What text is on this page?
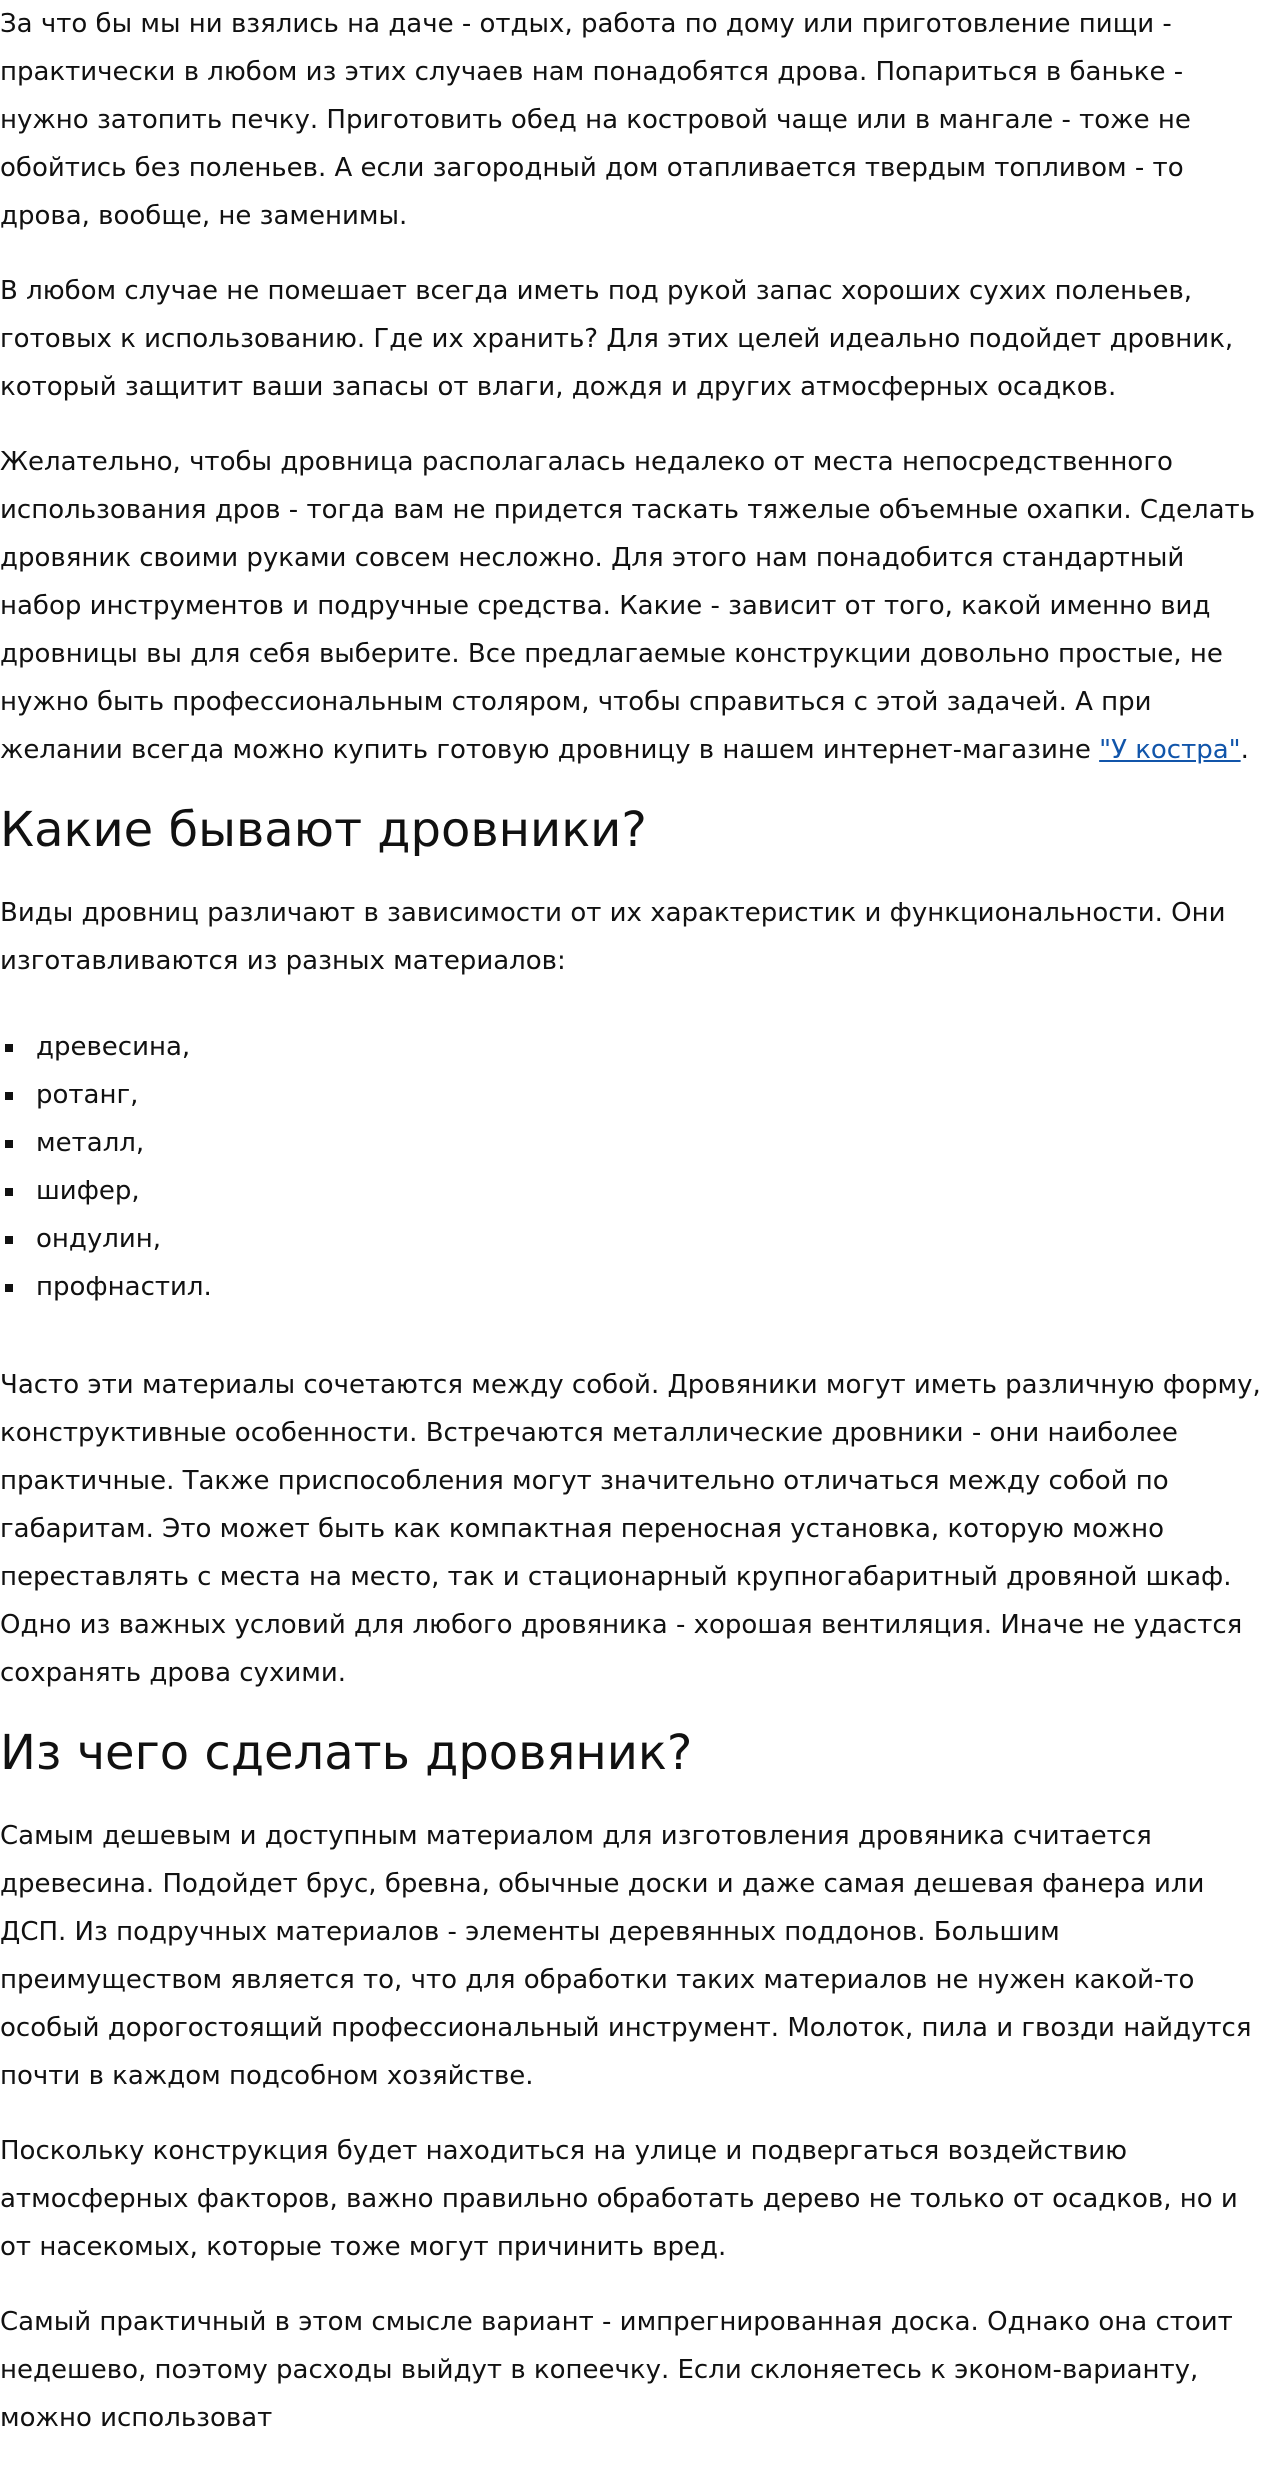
За что бы мы ни взялись на даче - отдых, работа по дому или приготовление пищи - практически в любом из этих случаев нам понадобятся дрова. Попариться в баньке - нужно затопить печку. Приготовить обед на костровой чаще или в мангале - тоже не обойтись без поленьев. А если загородный дом отапливается твердым топливом - то дрова, вообще, не заменимы.

В любом случае не помешает всегда иметь под рукой запас хороших сухих поленьев, готовых к использованию. Где их хранить? Для этих целей идеально подойдет дровник, который защитит ваши запасы от влаги, дождя и других атмосферных осадков.

Желательно, чтобы дровница располагалась недалеко от места непосредственного использования дров - тогда вам не придется таскать тяжелые объемные охапки. Сделать дровяник своими руками совсем несложно. Для этого нам понадобится стандартный набор инструментов и подручные средства. Какие - зависит от того, какой именно вид дровницы вы для себя выберите. Все предлагаемые конструкции довольно простые, не нужно быть профессиональным столяром, чтобы справиться с этой задачей. А при желании всегда можно купить готовую дровницу в нашем интернет-магазине "У костра".

Какие бывают дровники?

Виды дровниц различают в зависимости от их характеристик и функциональности. Они изготавливаются из разных материалов:

древесина,
ротанг,
металл,
шифер,
ондулин,
профнастил.

Часто эти материалы сочетаются между собой. Дровяники могут иметь различную форму, конструктивные особенности. Встречаются металлические дровники - они наиболее практичные. Также приспособления могут значительно отличаться между собой по габаритам. Это может быть как компактная переносная установка, которую можно переставлять с места на место, так и стационарный крупногабаритный дровяной шкаф. Одно из важных условий для любого дровяника - хорошая вентиляция. Иначе не удастся сохранять дрова сухими.

Из чего сделать дровяник?

Самым дешевым и доступным материалом для изготовления дровяника считается древесина. Подойдет брус, бревна, обычные доски и даже самая дешевая фанера или ДСП. Из подручных материалов - элементы деревянных поддонов. Большим преимуществом является то, что для обработки таких материалов не нужен какой-то особый дорогостоящий профессиональный инструмент. Молоток, пила и гвозди найдутся почти в каждом подсобном хозяйстве.

Поскольку конструкция будет находиться на улице и подвергаться воздействию атмосферных факторов, важно правильно обработать дерево не только от осадков, но и от насекомых, которые тоже могут причинить вред.

Самый практичный в этом смысле вариант - импрегнированная доска. Однако она стоит недешево, поэтому расходы выйдут в копеечку. Если склоняетесь к эконом-варианту, можно использоват
